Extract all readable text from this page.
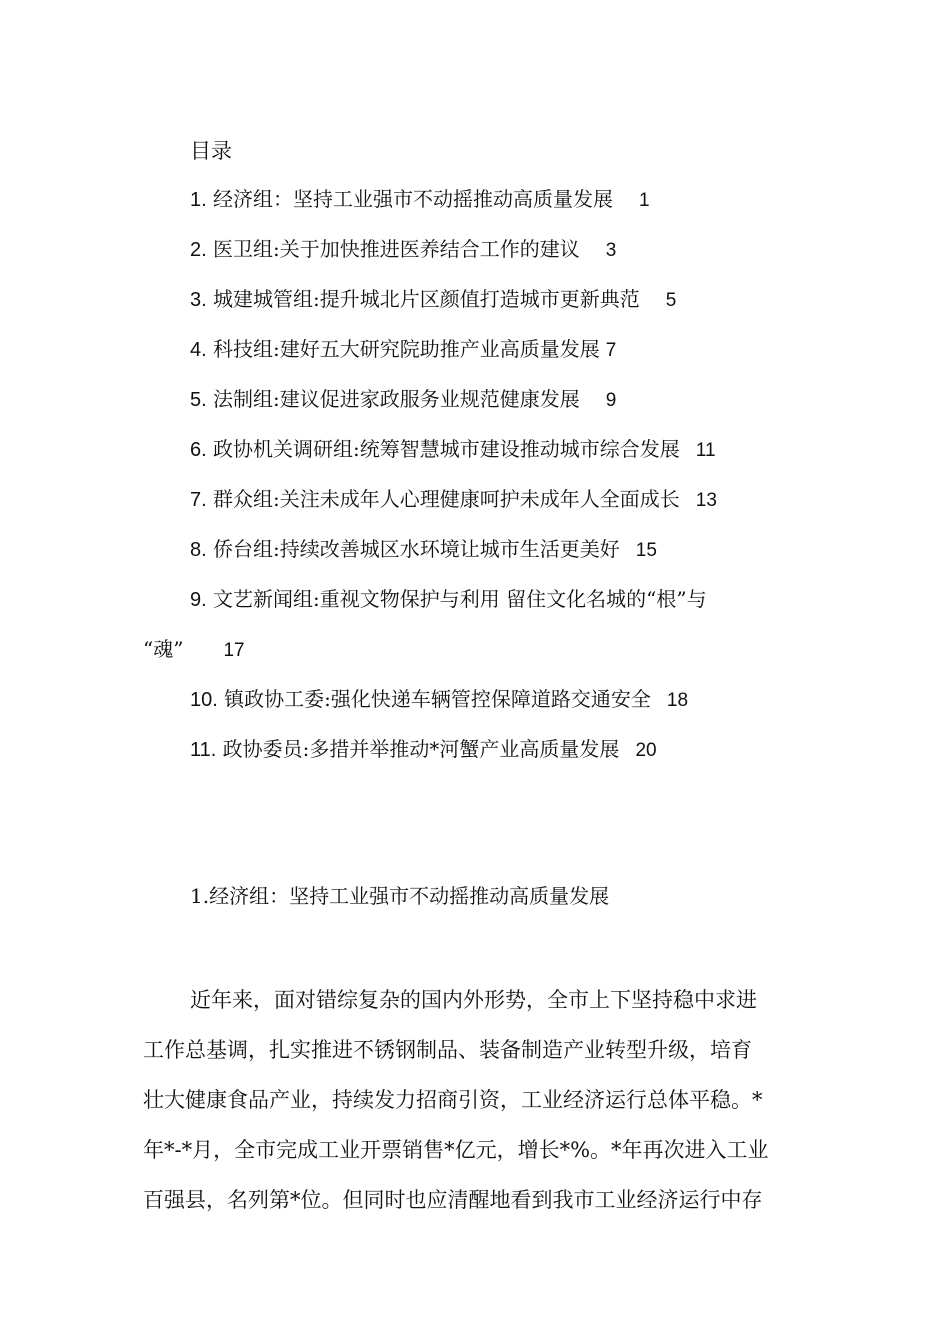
目录
1. 经济组：坚持工业强市不动摇推动高质量发展 1
2. 医卫组:关于加快推进医养结合工作的建议 3
3. 城建城管组:提升城北片区颜值打造城市更新典范 5
4. 科技组:建好五大研究院助推产业高质量发展 7
5. 法制组:建议促进家政服务业规范健康发展 9
6. 政协机关调研组:统筹智慧城市建设推动城市综合发展 11
7. 群众组:关注未成年人心理健康呵护未成年人全面成长 13
8. 侨台组:持续改善城区水环境让城市生活更美好 15
9. 文艺新闻组:重视文物保护与利用 留住文化名城的“根”与
“魂” 17
10. 镇政协工委:强化快递车辆管控保障道路交通安全 18
11. 政协委员:多措并举推动*河蟹产业高质量发展 20
1.经济组：坚持工业强市不动摇推动高质量发展
近年来，面对错综复杂的国内外形势，全市上下坚持稳中求进
工作总基调，扎实推进不锈钢制品、装备制造产业转型升级，培育
壮大健康食品产业，持续发力招商引资，工业经济运行总体平稳。*
年*-*月，全市完成工业开票销售*亿元，增长*%。*年再次进入工业
百强县，名列第*位。但同时也应清醒地看到我市工业经济运行中存
